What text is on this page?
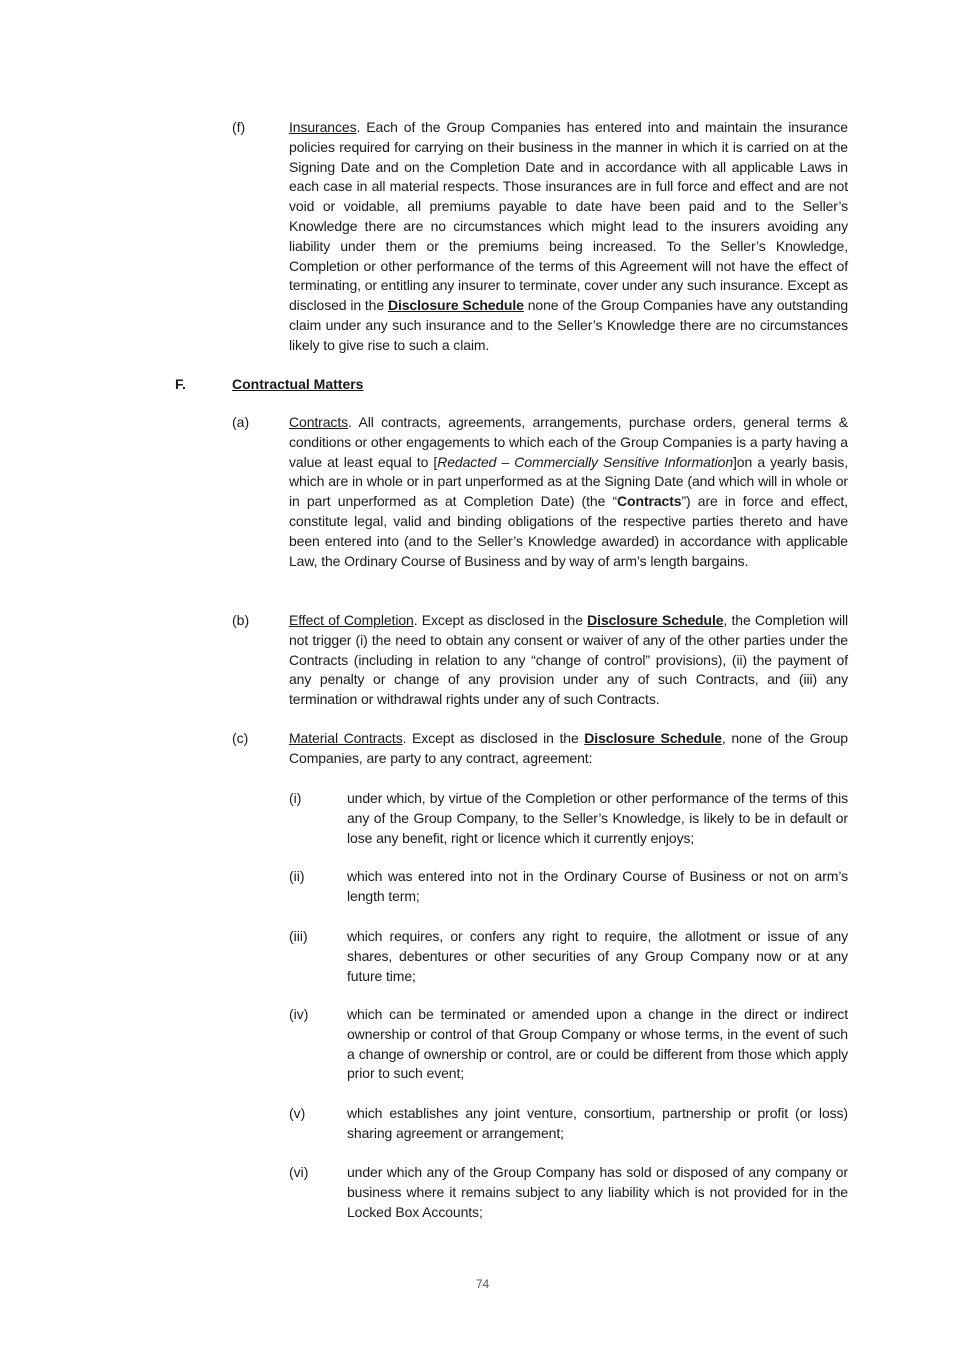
(f)	Insurances. Each of the Group Companies has entered into and maintain the insurance policies required for carrying on their business in the manner in which it is carried on at the Signing Date and on the Completion Date and in accordance with all applicable Laws in each case in all material respects. Those insurances are in full force and effect and are not void or voidable, all premiums payable to date have been paid and to the Seller’s Knowledge there are no circumstances which might lead to the insurers avoiding any liability under them or the premiums being increased. To the Seller’s Knowledge, Completion or other performance of the terms of this Agreement will not have the effect of terminating, or entitling any insurer to terminate, cover under any such insurance. Except as disclosed in the Disclosure Schedule none of the Group Companies have any outstanding claim under any such insurance and to the Seller’s Knowledge there are no circumstances likely to give rise to such a claim.
F.	Contractual Matters
(a)	Contracts. All contracts, agreements, arrangements, purchase orders, general terms & conditions or other engagements to which each of the Group Companies is a party having a value at least equal to [Redacted – Commercially Sensitive Information]on a yearly basis, which are in whole or in part unperformed as at the Signing Date (and which will in whole or in part unperformed as at Completion Date) (the “Contracts”) are in force and effect, constitute legal, valid and binding obligations of the respective parties thereto and have been entered into (and to the Seller’s Knowledge awarded) in accordance with applicable Law, the Ordinary Course of Business and by way of arm’s length bargains.
(b)	Effect of Completion. Except as disclosed in the Disclosure Schedule, the Completion will not trigger (i) the need to obtain any consent or waiver of any of the other parties under the Contracts (including in relation to any “change of control” provisions), (ii) the payment of any penalty or change of any provision under any of such Contracts, and (iii) any termination or withdrawal rights under any of such Contracts.
(c)	Material Contracts. Except as disclosed in the Disclosure Schedule, none of the Group Companies, are party to any contract, agreement:
(i)	under which, by virtue of the Completion or other performance of the terms of this any of the Group Company, to the Seller’s Knowledge, is likely to be in default or lose any benefit, right or licence which it currently enjoys;
(ii)	which was entered into not in the Ordinary Course of Business or not on arm’s length term;
(iii)	which requires, or confers any right to require, the allotment or issue of any shares, debentures or other securities of any Group Company now or at any future time;
(iv)	which can be terminated or amended upon a change in the direct or indirect ownership or control of that Group Company or whose terms, in the event of such a change of ownership or control, are or could be different from those which apply prior to such event;
(v)	which establishes any joint venture, consortium, partnership or profit (or loss) sharing agreement or arrangement;
(vi)	under which any of the Group Company has sold or disposed of any company or business where it remains subject to any liability which is not provided for in the Locked Box Accounts;
74
